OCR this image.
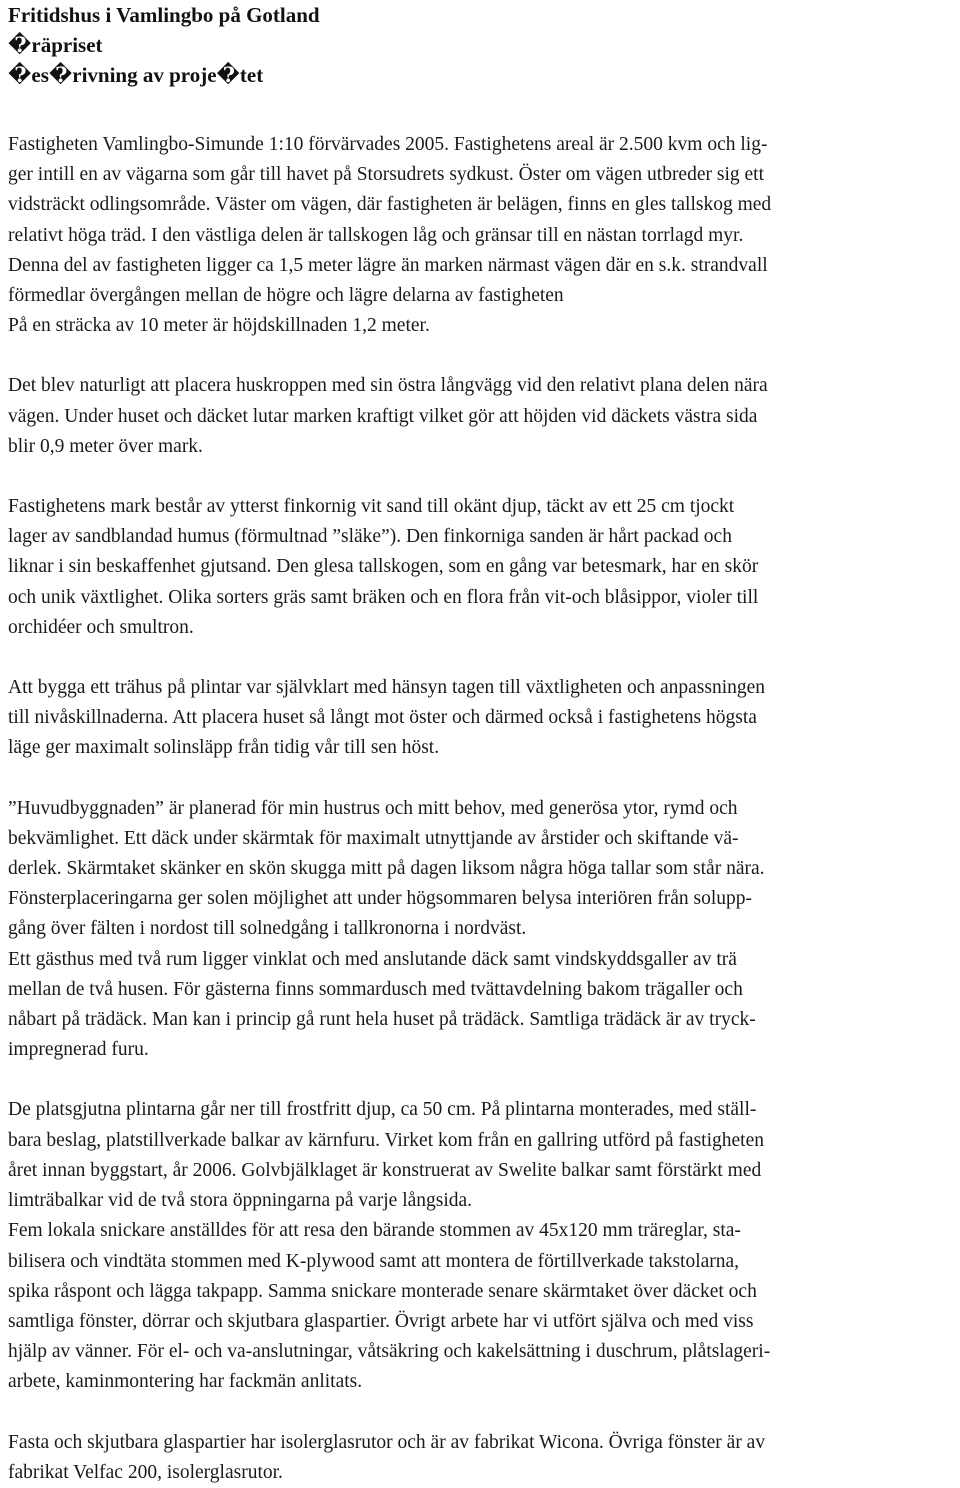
Fritidshus i Vamlingbo på Gotland
�räpriset
�es�rivning av proje�tet
Fastigheten Vamlingbo-Simunde 1:10 förvärvades 2005. Fastighetens areal är 2.500 kvm och lig-
ger intill en av vägarna som går till havet på Storsudrets sydkust. Öster om vägen utbreder sig ett
vidsträckt odlingsområde. Väster om vägen, där fastigheten är belägen, finns en gles tallskog med
relativt höga träd. I den västliga delen är tallskogen låg och gränsar till en nästan torrlagd myr.
Denna del av fastigheten ligger ca 1,5 meter lägre än marken närmast vägen där en s.k. strandvall
förmedlar övergången mellan de högre och lägre delarna av fastigheten
På en sträcka av 10 meter är höjdskillnaden 1,2 meter.
Det blev naturligt att placera huskroppen med sin östra långvägg vid den relativt plana delen nära
vägen. Under huset och däcket lutar marken kraftigt vilket gör att höjden vid däckets västra sida
blir 0,9 meter över mark.
Fastighetens mark består av ytterst finkornig vit sand till okänt djup, täckt av ett 25 cm tjockt
lager av sandblandad humus (förmultnad ”släke”). Den finkorniga sanden är hårt packad och
liknar i sin beskaffenhet gjutsand. Den glesa tallskogen, som en gång var betesmark, har en skör
och unik växtlighet. Olika sorters gräs samt bräken och en flora från vit-och blåsippor, violer till
orchidéer och smultron.
Att bygga ett trähus på plintar var självklart med hänsyn tagen till växtligheten och anpassningen
till nivåskillnaderna. Att placera huset så långt mot öster och därmed också i fastighetens högsta
läge ger maximalt solinsläpp från tidig vår till sen höst.
”Huvudbyggnaden” är planerad för min hustrus och mitt behov, med generösa ytor, rymd och
bekvämlighet. Ett däck under skärmtak för maximalt utnyttjande av årstider och skiftande vä-
derlek. Skärmtaket skänker en skön skugga mitt på dagen liksom några höga tallar som står nära.
Fönsterplaceringarna ger solen möjlighet att under högsommaren belysa interiören från solupp-
gång över fälten i nordost till solnedgång i tallkronorna i nordväst.
Ett gästhus med två rum ligger vinklat och med anslutande däck samt vindskyddsgaller av trä
mellan de två husen. För gästerna finns sommardusch med tvättavdelning bakom trägaller och
nåbart på trädäck. Man kan i princip gå runt hela huset på trädäck. Samtliga trädäck är av tryck-
impregnerad furu.
De platsgjutna plintarna går ner till frostfritt djup, ca 50 cm. På plintarna monterades, med ställ-
bara beslag, platstillverkade balkar av kärnfuru. Virket kom från en gallring utförd på fastigheten
året innan byggstart, år 2006. Golvbjälklaget är konstruerat av Swelite balkar samt förstärkt med
limträbalkar vid de två stora öppningarna på varje långsida.
Fem lokala snickare anställdes för att resa den bärande stommen av 45x120 mm träreglar, sta-
bilisera och vindtäta stommen med K-plywood samt att montera de förtillverkade takstolarna,
spika råspont och lägga takpapp. Samma snickare monterade senare skärmtaket över däcket och
samtliga fönster, dörrar och skjutbara glaspartier. Övrigt arbete har vi utfört själva och med viss
hjälp av vänner. För el- och va-anslutningar, våtsäkring och kakelsättning i duschrum, plåtslageri-
arbete, kaminmontering har fackmän anlitats.
Fasta och skjutbara glaspartier har isolerglasrutor och är av fabrikat Wicona. Övriga fönster är av
fabrikat Velfac 200, isolerglasrutor.
